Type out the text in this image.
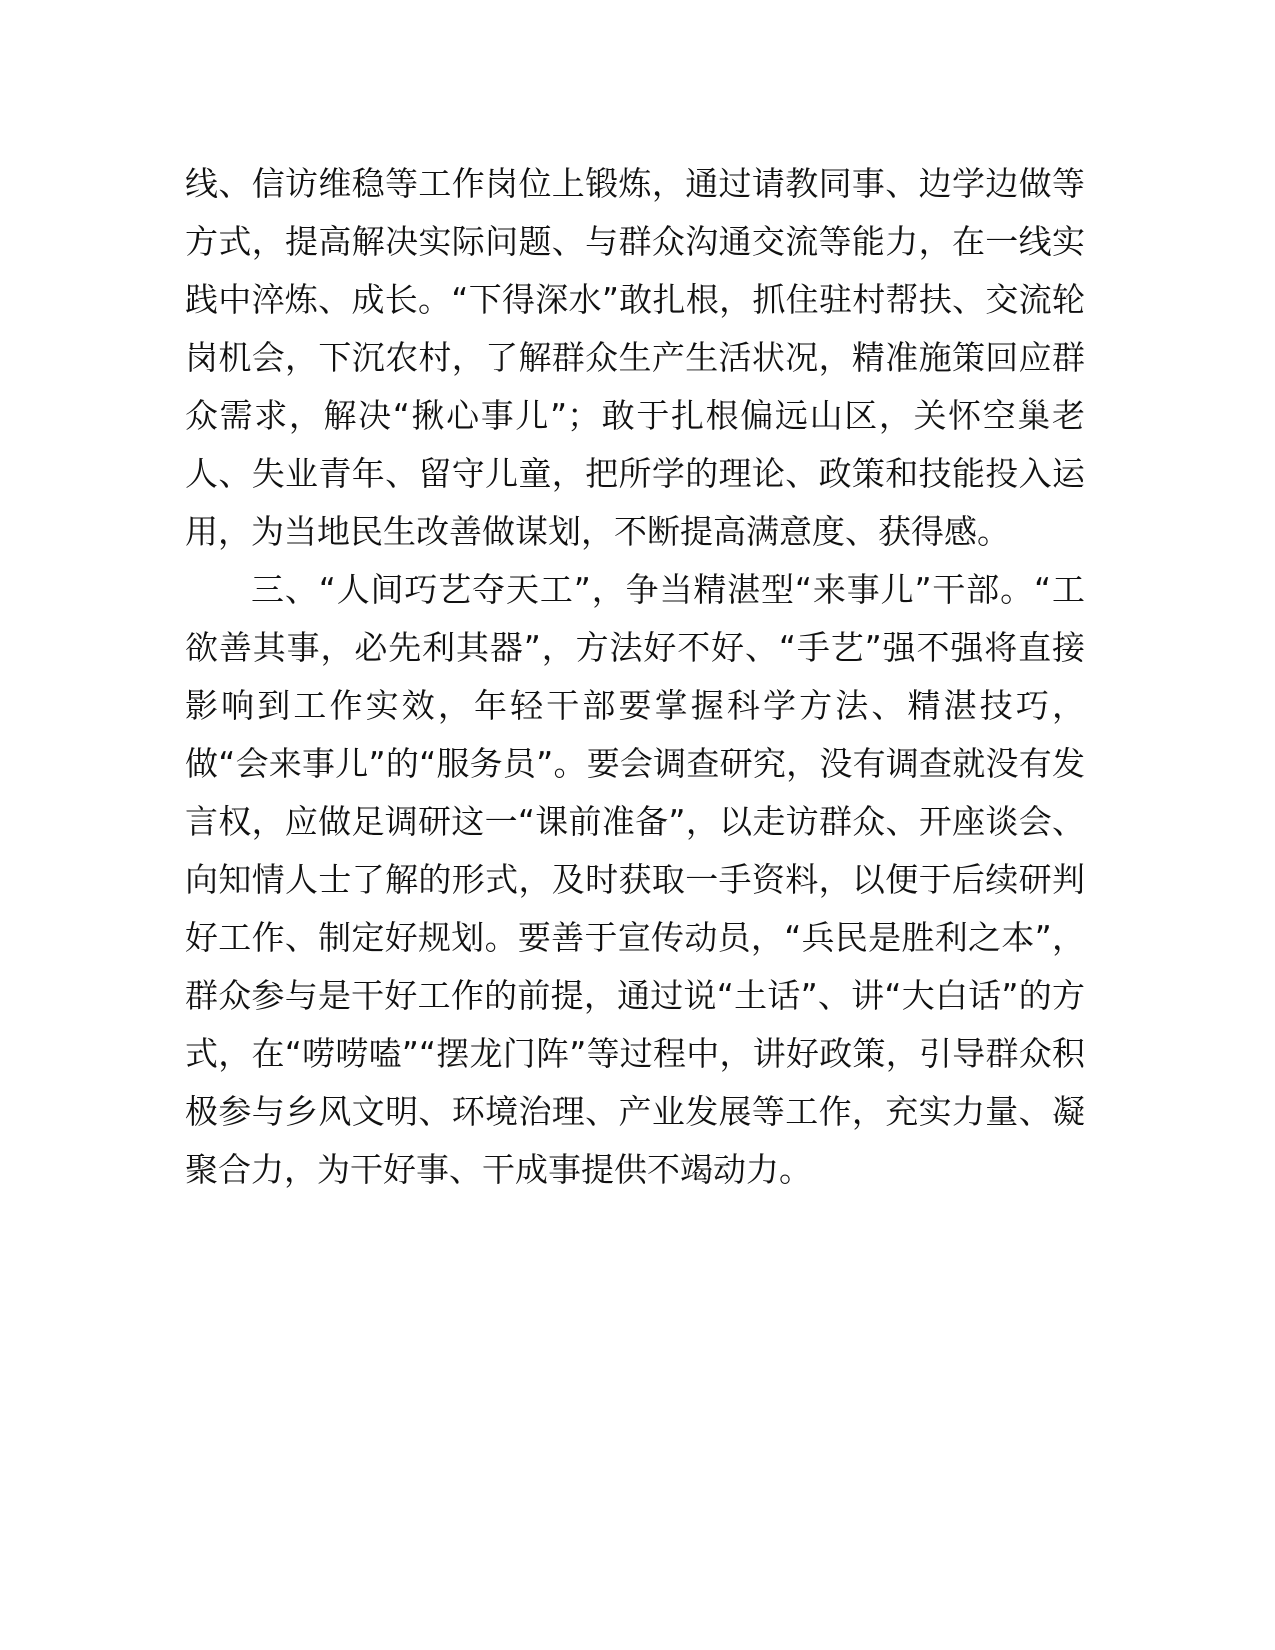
线、信访维稳等工作岗位上锻炼，通过请教同事、边学边做等方式，提高解决实际问题、与群众沟通交流等能力，在一线实践中淬炼、成长。“下得深水”敢扎根，抓住驻村帮扶、交流轮岗机会，下沉农村，了解群众生产生活状况，精准施策回应群众需求，解决“揪心事儿”；敢于扎根偏远山区，关怀空巢老人、失业青年、留守儿童，把所学的理论、政策和技能投入运用，为当地民生改善做谋划，不断提高满意度、获得感。

三、“人间巧艺夺天工”，争当精湛型“来事儿”干部。“工欲善其事，必先利其器”，方法好不好、“手艺”强不强将直接影响到工作实效，年轻干部要掌握科学方法、精湛技巧，做“会来事儿”的“服务员”。要会调查研究，没有调查就没有发言权，应做足调研这一“课前准备”，以走访群众、开座谈会、向知情人士了解的形式，及时获取一手资料，以便于后续研判好工作、制定好规划。要善于宣传动员，“兵民是胜利之本”，群众参与是干好工作的前提，通过说“土话”、讲“大白话”的方式，在“唠唠嗑”“摆龙门阵”等过程中，讲好政策，引导群众积极参与乡风文明、环境治理、产业发展等工作，充实力量、凝聚合力，为干好事、干成事提供不竭动力。
